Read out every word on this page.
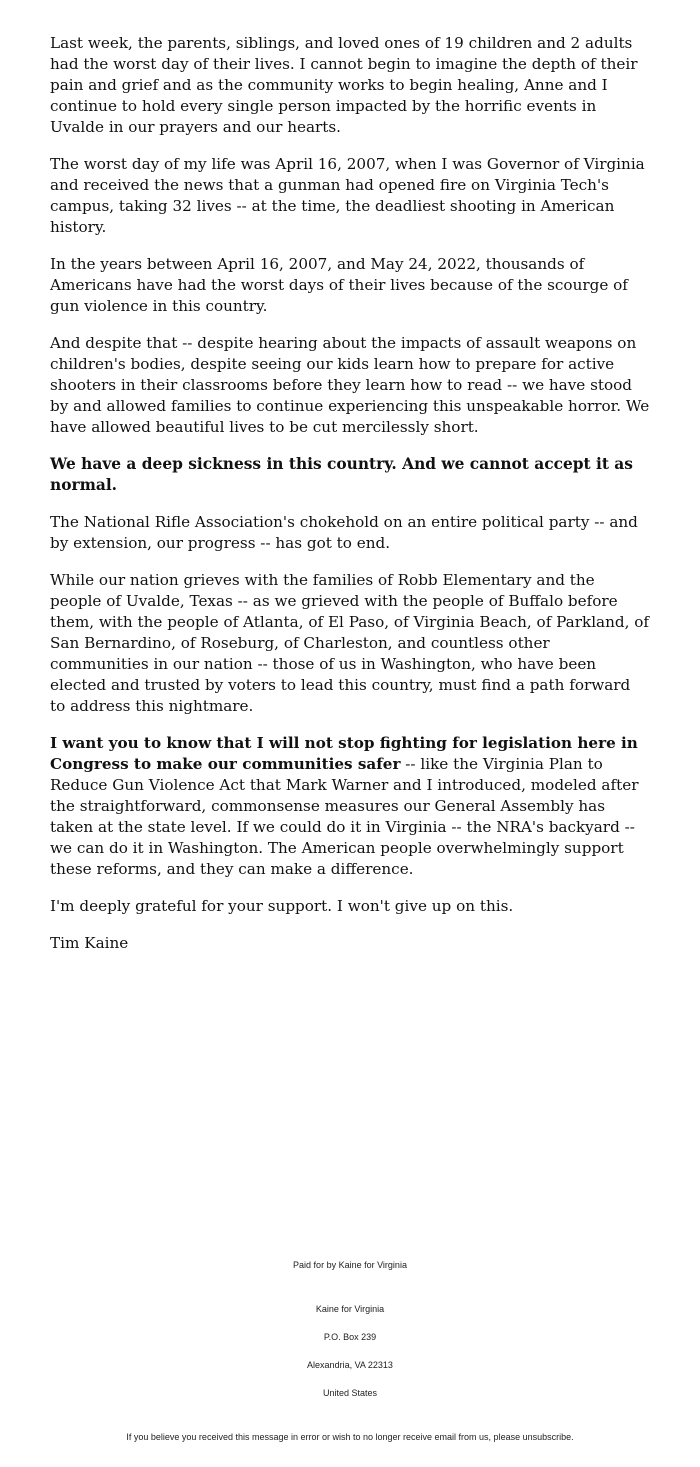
Last week, the parents, siblings, and loved ones of 19 children and 2 adults had the worst day of their lives. I cannot begin to imagine the depth of their pain and grief and as the community works to begin healing, Anne and I continue to hold every single person impacted by the horrific events in Uvalde in our prayers and our hearts.

The worst day of my life was April 16, 2007, when I was Governor of Virginia and received the news that a gunman had opened fire on Virginia Tech's campus, taking 32 lives -- at the time, the deadliest shooting in American history.

In the years between April 16, 2007, and May 24, 2022, thousands of Americans have had the worst days of their lives because of the scourge of gun violence in this country.

And despite that -- despite hearing about the impacts of assault weapons on children's bodies, despite seeing our kids learn how to prepare for active shooters in their classrooms before they learn how to read -- we have stood by and allowed families to continue experiencing this unspeakable horror. We have allowed beautiful lives to be cut mercilessly short.

We have a deep sickness in this country. And we cannot accept it as normal.

The National Rifle Association's chokehold on an entire political party -- and by extension, our progress -- has got to end.

While our nation grieves with the families of Robb Elementary and the people of Uvalde, Texas -- as we grieved with the people of Buffalo before them, with the people of Atlanta, of El Paso, of Virginia Beach, of Parkland, of San Bernardino, of Roseburg, of Charleston, and countless other communities in our nation -- those of us in Washington, who have been elected and trusted by voters to lead this country, must find a path forward to address this nightmare.

I want you to know that I will not stop fighting for legislation here in Congress to make our communities safer -- like the Virginia Plan to Reduce Gun Violence Act that Mark Warner and I introduced, modeled after the straightforward, commonsense measures our General Assembly has taken at the state level. If we could do it in Virginia -- the NRA's backyard -- we can do it in Washington. The American people overwhelmingly support these reforms, and they can make a difference.

I'm deeply grateful for your support. I won't give up on this.

Tim Kaine

Paid for by Kaine for Virginia
Kaine for Virginia
P.O. Box 239
Alexandria, VA 22313
United States
If you believe you received this message in error or wish to no longer receive email from us, please unsubscribe.
